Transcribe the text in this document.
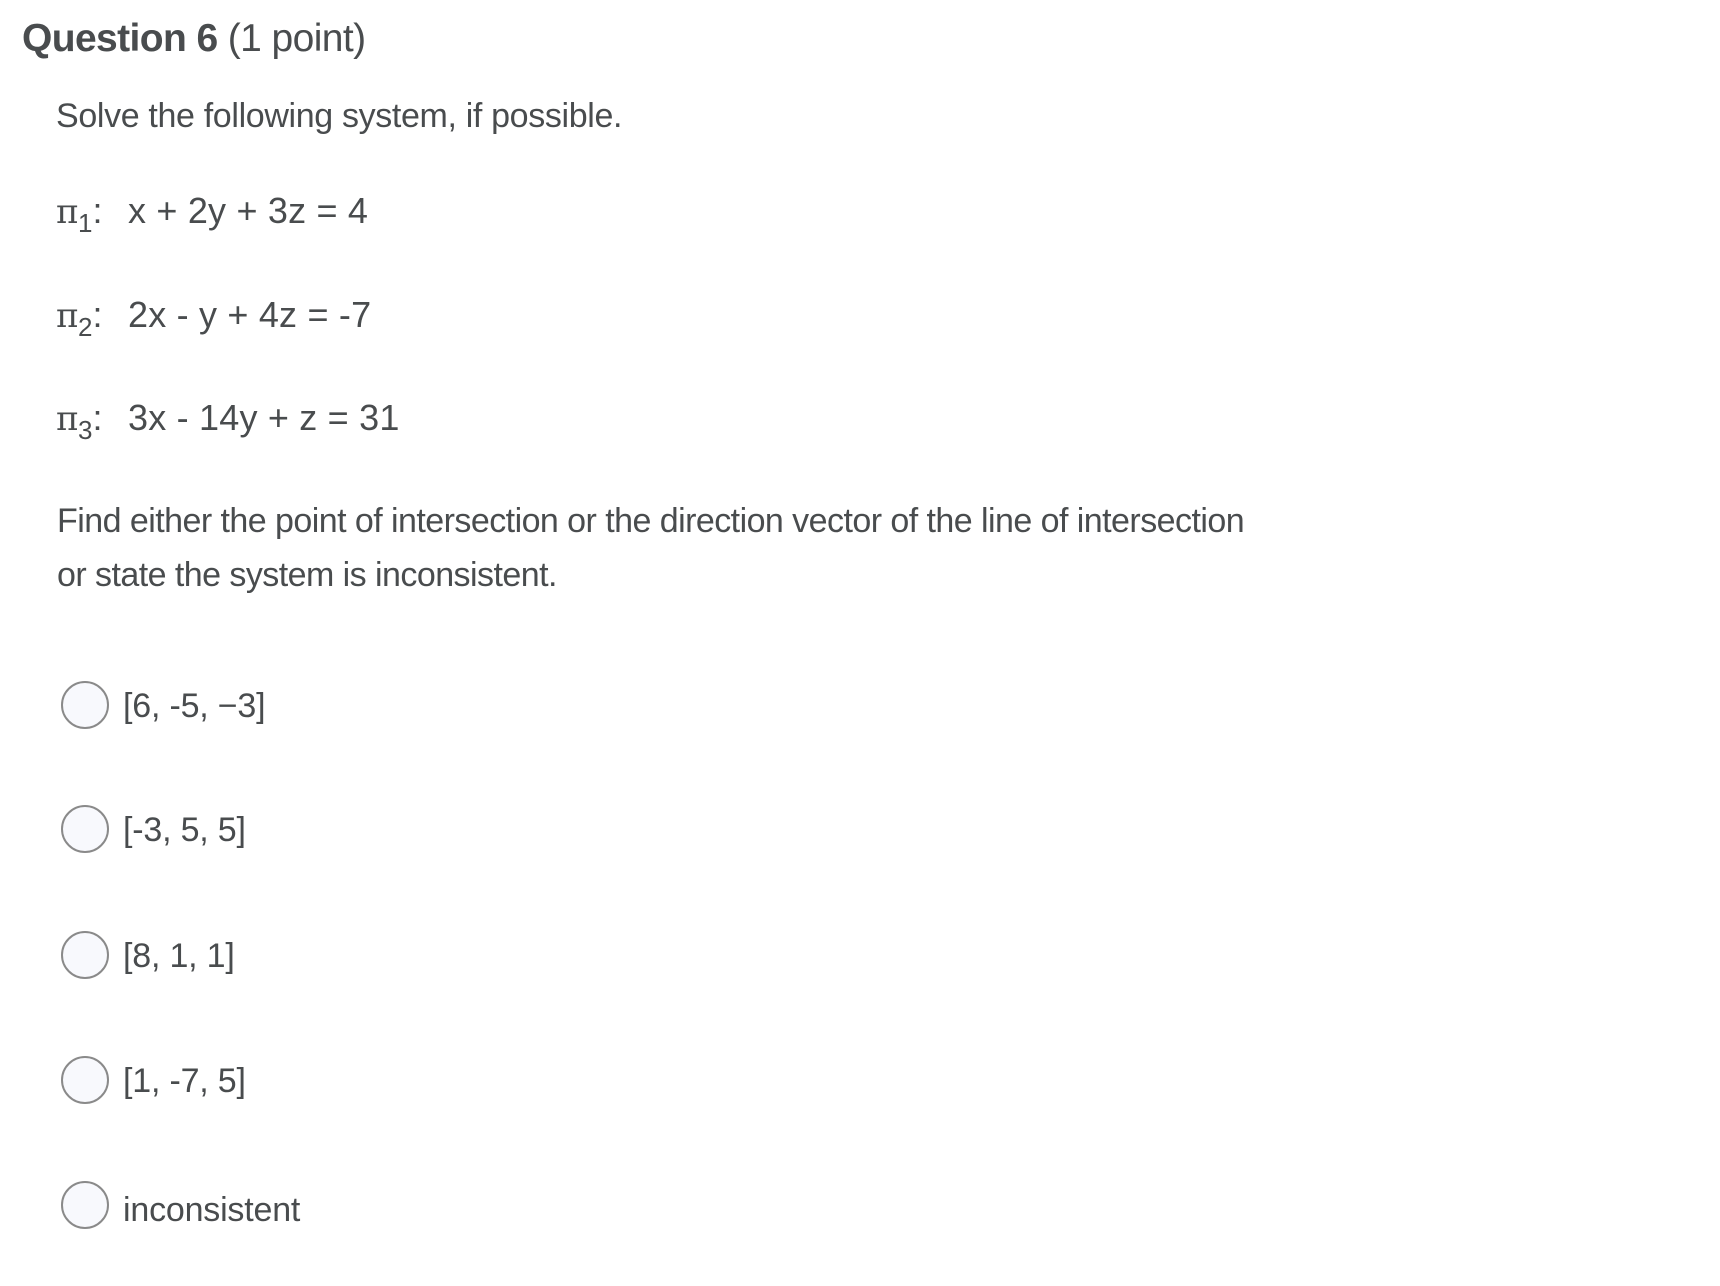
Question 6 (1 point)
Solve the following system, if possible.
$\pi_1$: x + 2y + 3z = 4
$\pi_2$: 2x - y + 4z = -7
$\pi_3$: 3x - 14y + z = 31
Find either the point of intersection or the direction vector of the line of intersection
or state the system is inconsistent.
[6, -5, −3]
[-3, 5, 5]
[8, 1, 1]
[1, -7, 5]
inconsistent
